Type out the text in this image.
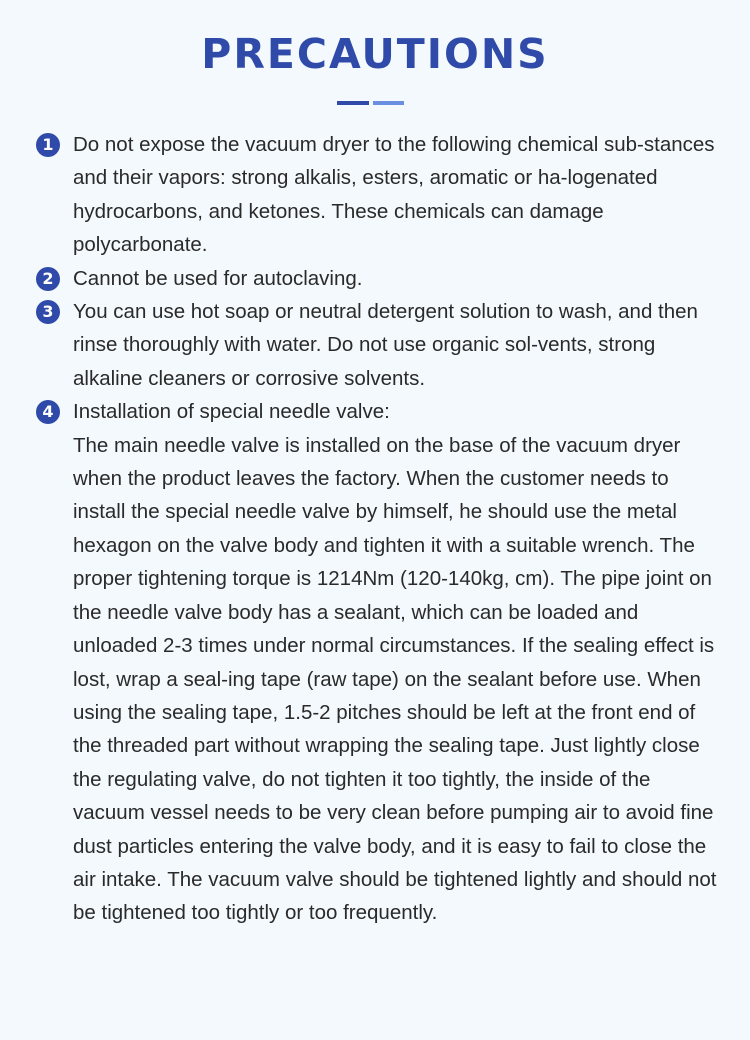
PRECAUTIONS
1 Do not expose the vacuum dryer to the following chemical sub-stances and their vapors: strong alkalis, esters, aromatic or ha-logenated hydrocarbons, and ketones. These chemicals can damage polycarbonate.

2 Cannot be used for autoclaving.

3 You can use hot soap or neutral detergent solution to wash, and then rinse thoroughly with water. Do not use organic sol-vents, strong alkaline cleaners or corrosive solvents.

4 Installation of special needle valve:

The main needle valve is installed on the base of the vacuum dryer when the product leaves the factory. When the customer needs to install the special needle valve by himself, he should use the metal hexagon on the valve body and tighten it with a suitable wrench. The proper tightening torque is 1214Nm (120-140kg, cm). The pipe joint on the needle valve body has a sealant, which can be loaded and unloaded 2-3 times under normal circumstances. If the sealing effect is lost, wrap a seal-ing tape (raw tape) on the sealant before use. When using the sealing tape, 1.5-2 pitches should be left at the front end of the threaded part without wrapping the sealing tape. Just lightly close the regulating valve, do not tighten it too tightly, the inside of the vacuum vessel needs to be very clean before pumping air to avoid fine dust particles entering the valve body, and it is easy to fail to close the air intake. The vacuum valve should be tightened lightly and should not be tightened too tightly or too frequently.
